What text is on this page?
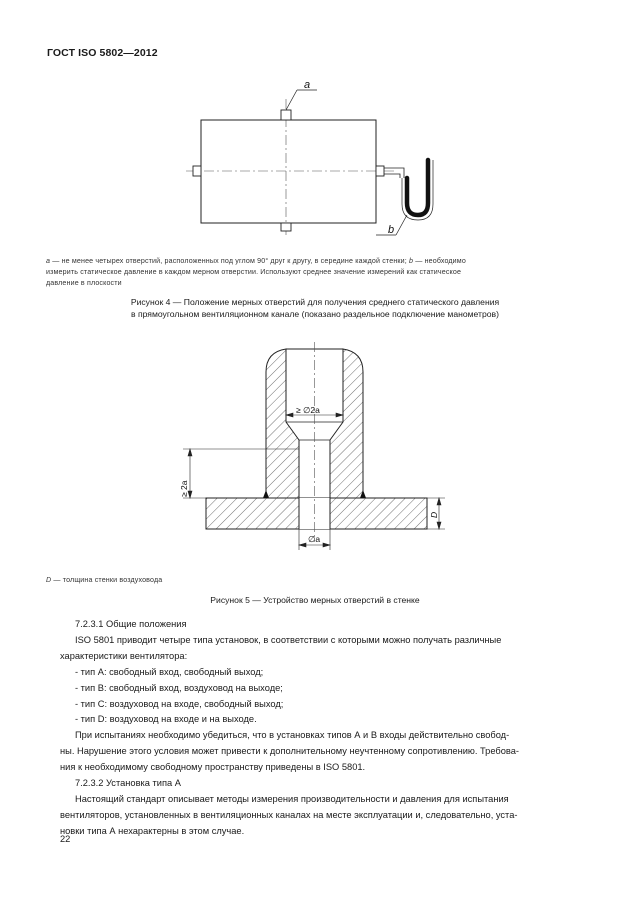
ГОСТ ISO 5802—2012
a
b
a — не менее четырех отверстий, расположенных под углом 90° друг к другу, в середине каждой стенки; b — необходимо
измерить статическое давление в каждом мерном отверстии. Используют среднее значение измерений как статическое
давление в плоскости
Рисунок 4 — Положение мерных отверстий для получения среднего статического давления
в прямоугольном вентиляционном канале (показано раздельное подключение манометров)
≥ ∅2a
≥ 2a
D
∅a
D — толщина стенки воздуховода
Рисунок 5 — Устройство мерных отверстий в стенке

7.2.3.1 Общие положения

ISO 5801 приводит четыре типа установок, в соответствии с которыми можно получать различные

характеристики вентилятора:

- тип А: свободный вход, свободный выход;

- тип В: свободный вход, воздуховод на выходе;

- тип С: воздуховод на входе, свободный выход;

- тип D: воздуховод на входе и на выходе.

При испытаниях необходимо убедиться, что в установках типов А и В входы действительно свобод-

ны. Нарушение этого условия может привести к дополнительному неучтенному сопротивлению. Требова-

ния к необходимому свободному пространству приведены в ISO 5801.

7.2.3.2 Установка типа А

Настоящий стандарт описывает методы измерения производительности и давления для испытания

вентиляторов, установленных в вентиляционных каналах на месте эксплуатации и, следовательно, уста-

новки типа А нехарактерны в этом случае.

22
